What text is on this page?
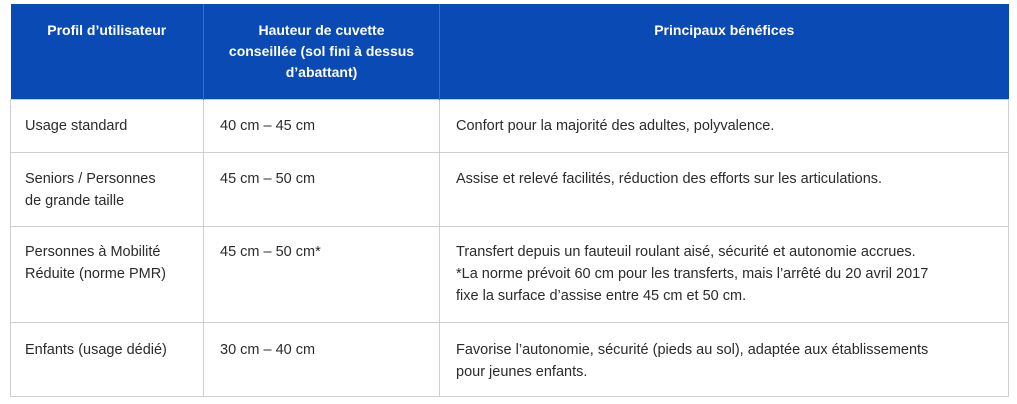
Profil d’utilisateur	Hauteur de cuvette
conseillée (sol fini à dessus
d’abattant)	Principaux bénéfices

Usage standard	40 cm – 45 cm	Confort pour la majorité des adultes, polyvalence.

Seniors / Personnes
de grande taille	45 cm – 50 cm	Assise et relevé facilités, réduction des efforts sur les articulations.

Personnes à Mobilité
Réduite (norme PMR)	45 cm – 50 cm*	Transfert depuis un fauteuil roulant aisé, sécurité et autonomie accrues.
*La norme prévoit 60 cm pour les transferts, mais l’arrêté du 20 avril 2017
fixe la surface d’assise entre 45 cm et 50 cm.

Enfants (usage dédié)	30 cm – 40 cm	Favorise l’autonomie, sécurité (pieds au sol), adaptée aux établissements
pour jeunes enfants.
